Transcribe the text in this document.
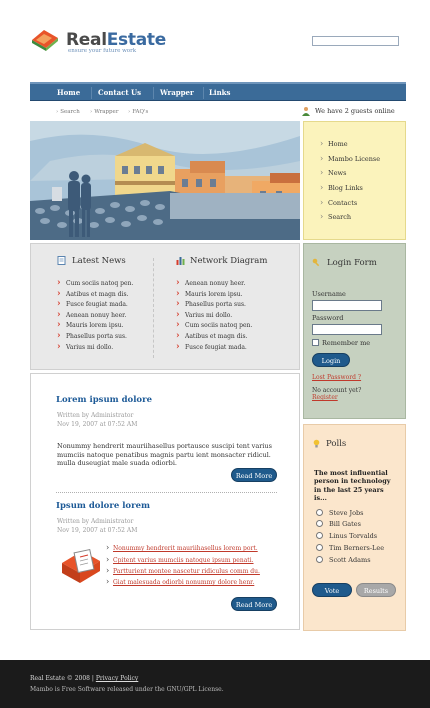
RealEstate
ensure your future work
Home	Contact Us	Wrapper Links
› Search › Wrapper › FAQ's	We have 2 guests online
› Home
› Mambo License
› News
› Blog Links
› Contacts
› Search
Latest News
› Cum sociis natoq pen.
› Aatibus et magn dis.
› Fusce feugiat mada.
› Aenean nonuy heer.
› Mauris lorem ipsu.
› Phasellus porta sus.
› Varius mi dollo.
Network Diagram
› Aenean nonuy heer.
› Mauris lorem ipsu.
› Phasellus porta sus.
› Varius mi dollo.
› Cum sociis natoq pen.
› Aatibus et magn dis.
› Fusce feugiat mada.
Login Form
Username
Password
Remember me
Login
Lost Password ?
No account yet?
Register
Lorem ipsum dolore
Written by Administrator
Nov 19, 2007 at 07:52 AM
Nonummy hendrerit mauriihasellus portausce suscipi tent varius mumciis natoque penatibus magnis partu ient monsacter ridicul. mulla duseugiat male suada odiorbi.
Read More
Ipsum dolore lorem
Written by Administrator
Nov 19, 2007 at 07:52 AM
› Nonummy hendrerit mauriihasellus lorem port.
› Cpitent varius mumciis natoque ipsum penati.
› Partturient montee nascetur ridiculus comm du.
› Giat malesuada odiorbi nonummy dolore henr.
Read More
Polls
The most influential person in technology in the last 25 years is...
Steve Jobs
Bill Gates
Linus Torvalds
Tim Berners-Lee
Scott Adams
Vote	Results
Real Estate © 2008 | Privacy Policy
Mambo is Free Software released under the GNU/GPL License.
